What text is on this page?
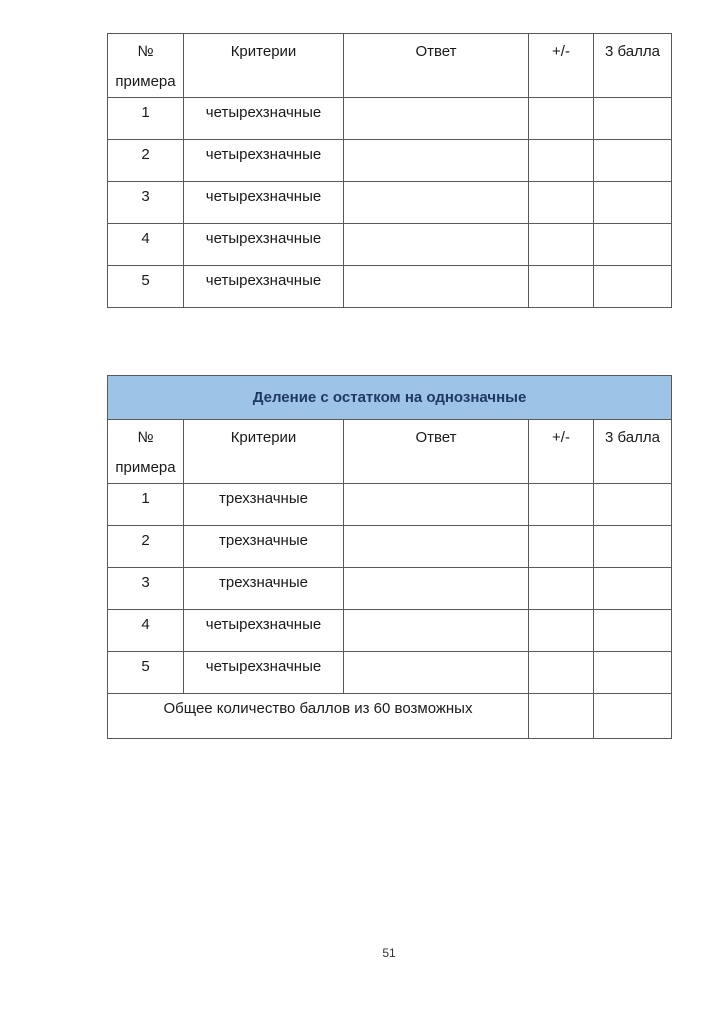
№
примера	Критерии	Ответ	+/-	3 балла
1	четырехзначные			
2	четырехзначные			
3	четырехзначные			
4	четырехзначные			
5	четырехзначные			
Деление с остатком на однозначные				

№
примера	Критерии	Ответ	+/-	3 балла
1	трехзначные			
2	трехзначные			
3	трехзначные			
4	четырехзначные			
5	четырехзначные			
Общее количество баллов из 60 возможных				
51
